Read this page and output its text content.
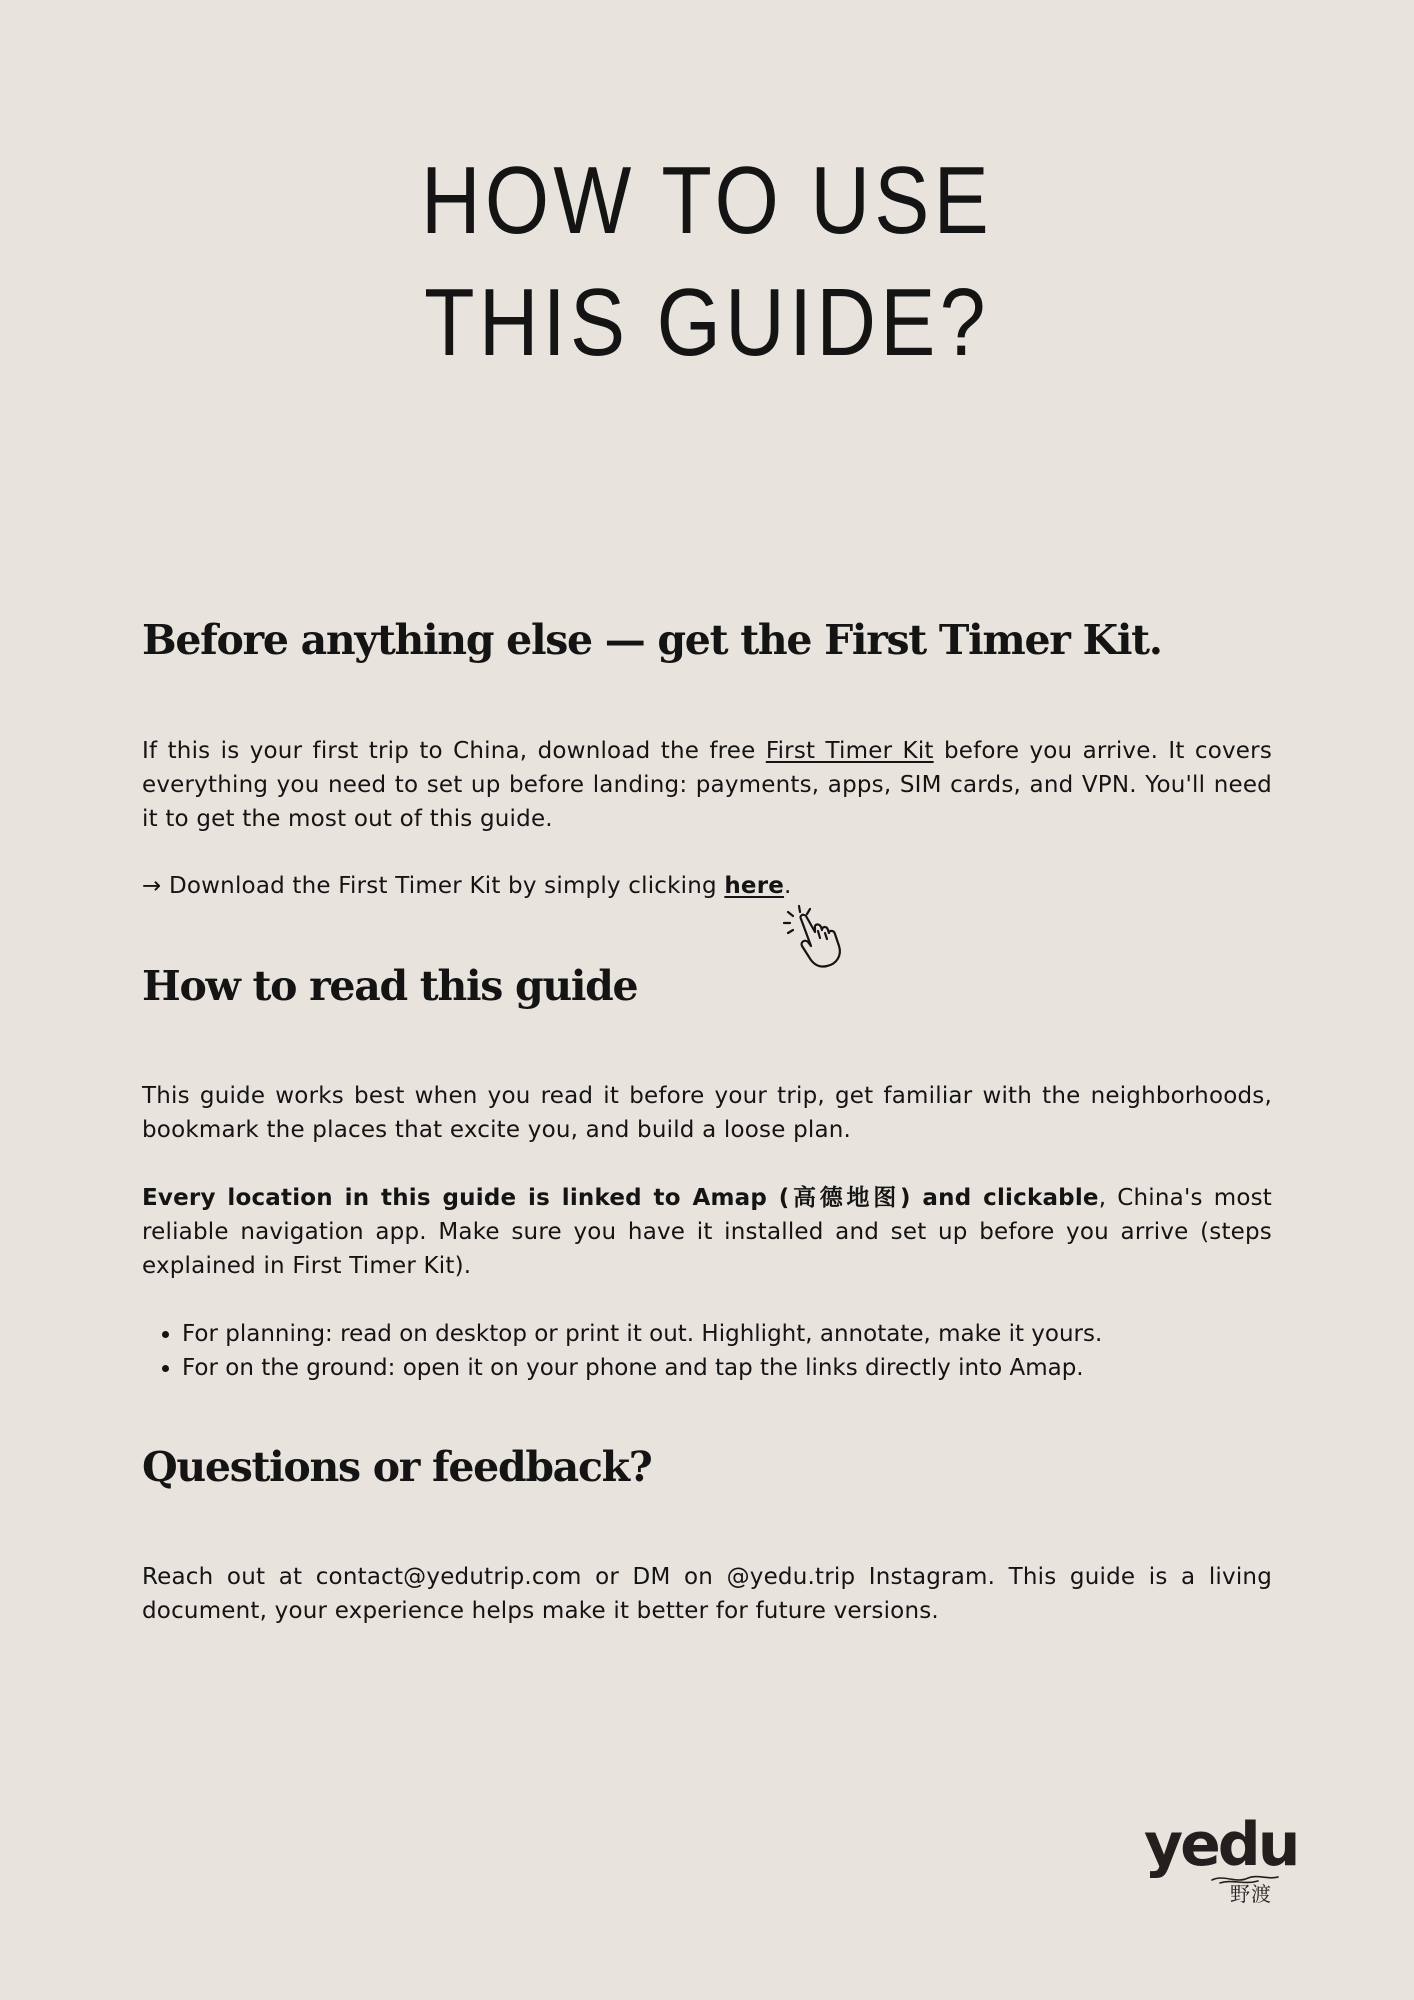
HOW TO USE
THIS GUIDE?
Before anything else — get the First Timer Kit.

If this is your first trip to China, download the free First Timer Kit before you arrive. It covers everything you need to set up before landing: payments, apps, SIM cards, and VPN. You'll need it to get the most out of this guide.

→ Download the First Timer Kit by simply clicking here.

How to read this guide

This guide works best when you read it before your trip, get familiar with the neighborhoods, bookmark the places that excite you, and build a loose plan.

Every location in this guide is linked to Amap (高德地图) and clickable, China's most reliable navigation app. Make sure you have it installed and set up before you arrive (steps explained in First Timer Kit).

• For planning: read on desktop or print it out. Highlight, annotate, make it yours.
• For on the ground: open it on your phone and tap the links directly into Amap.
Questions or feedback?

Reach out at contact@yedutrip.com or DM on @yedu.trip Instagram. This guide is a living document, your experience helps make it better for future versions.

yedu
野渡
